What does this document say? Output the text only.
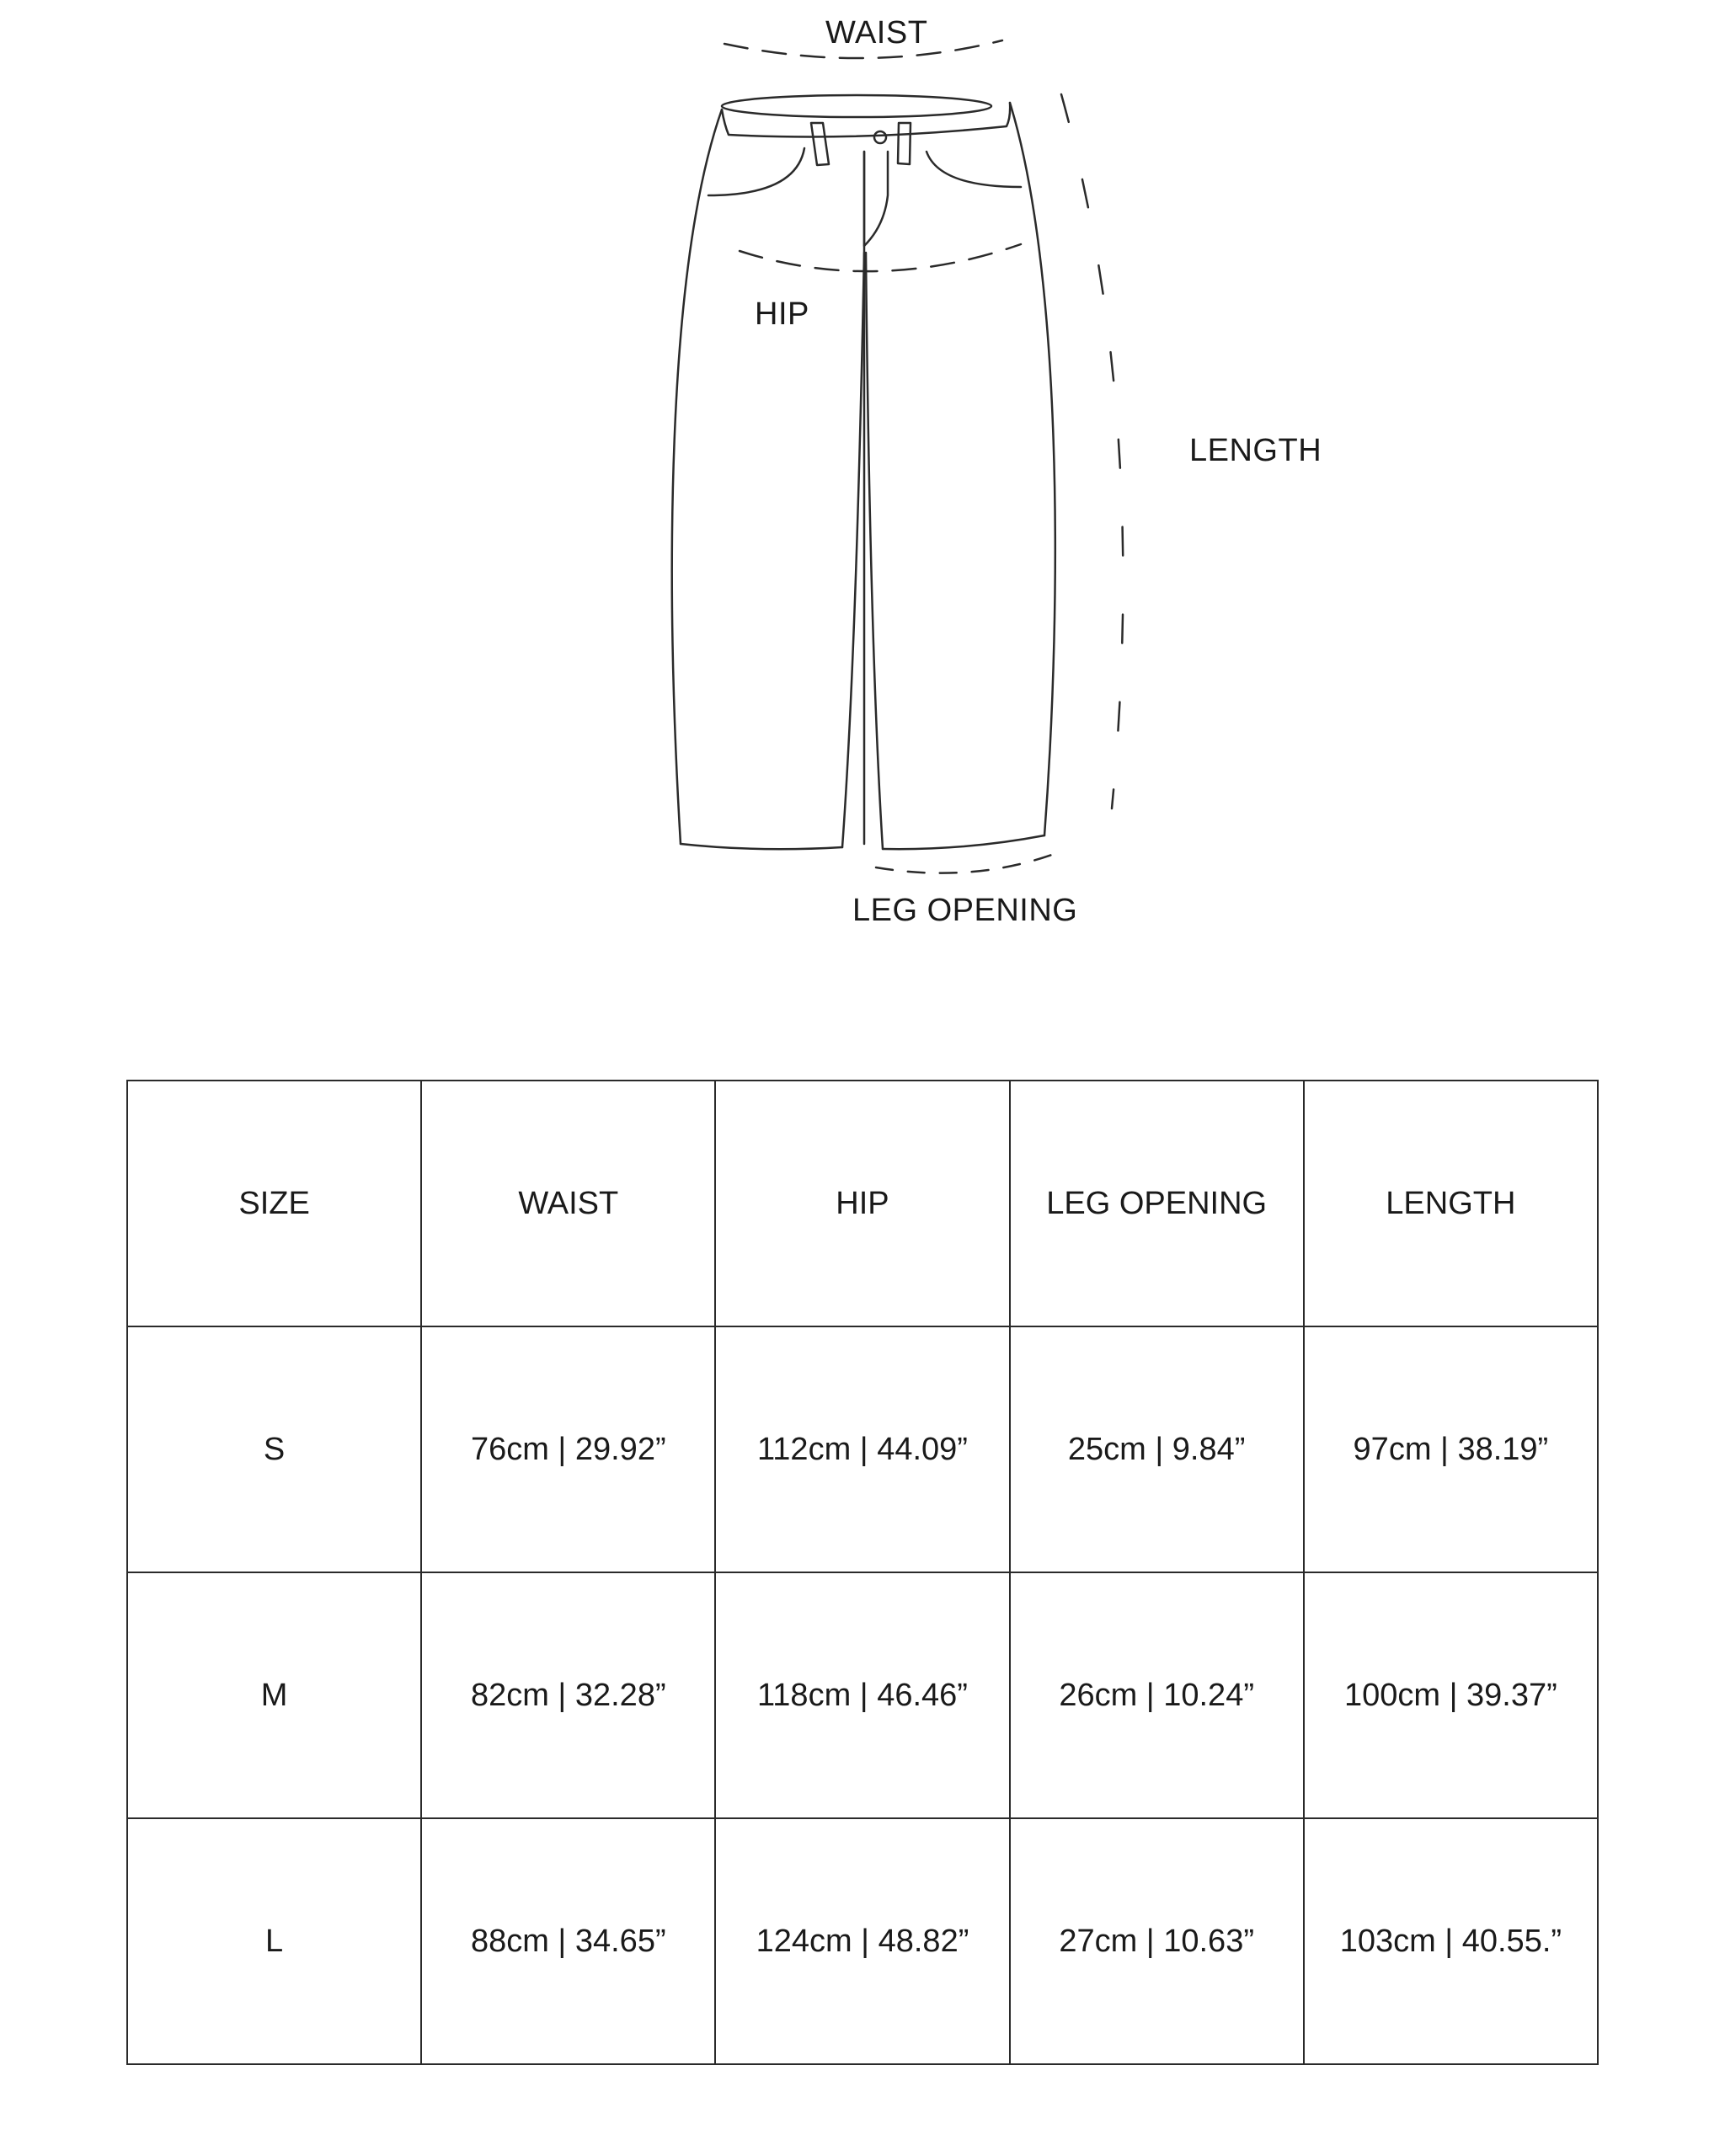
WAIST
HIP
LENGTH
LEG OPENING
SIZE	WAIST	HIP	LEG OPENING	LENGTH
S	76cm | 29.92”	112cm | 44.09”	25cm | 9.84”	97cm | 38.19”
M	82cm | 32.28”	118cm | 46.46”	26cm | 10.24”	100cm | 39.37”
L	88cm | 34.65”	124cm | 48.82”	27cm | 10.63”	103cm | 40.55.”
